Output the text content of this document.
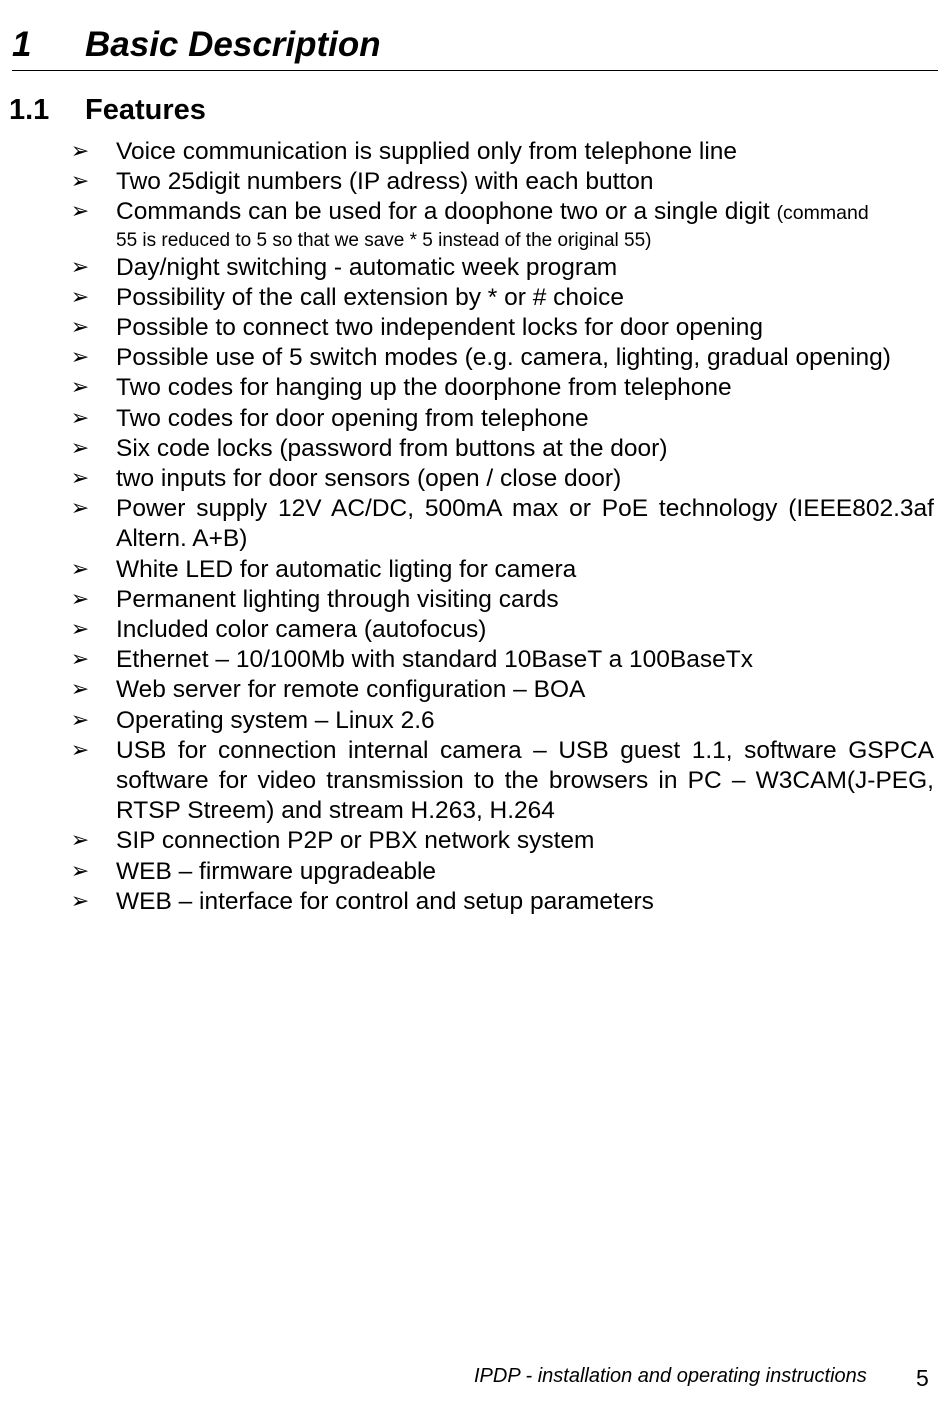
1 Basic Description
1.1 Features
➢ Voice communication is supplied only from telephone line
➢ Two 25digit numbers (IP adress) with each button
➢ Commands can be used for a doophone two or a single digit (command
55 is reduced to 5 so that we save * 5 instead of the original 55)
➢ Day/night switching - automatic week program
➢ Possibility of the call extension by * or # choice
➢ Possible to connect two independent locks for door opening
➢ Possible use of 5 switch modes (e.g. camera, lighting, gradual opening)
➢ Two codes for hanging up the doorphone from telephone
➢ Two codes for door opening from telephone
➢ Six code locks (password from buttons at the door)
➢ two inputs for door sensors (open / close door)
➢ Power supply 12V AC/DC, 500mA max or PoE technology (IEEE802.3af Altern. A+B)
➢ White LED for automatic ligting for camera
➢ Permanent lighting through visiting cards
➢ Included color camera (autofocus)
➢ Ethernet – 10/100Mb with standard 10BaseT a 100BaseTx
➢ Web server for remote configuration – BOA
➢ Operating system – Linux 2.6
➢ USB for connection internal camera – USB guest 1.1, software GSPCA software for video transmission to the browsers in PC – W3CAM(J-PEG, RTSP Streem) and stream H.263, H.264
➢ SIP connection P2P or PBX network system
➢ WEB – firmware upgradeable
➢ WEB – interface for control and setup parameters
IPDP - installation and operating instructions 5
